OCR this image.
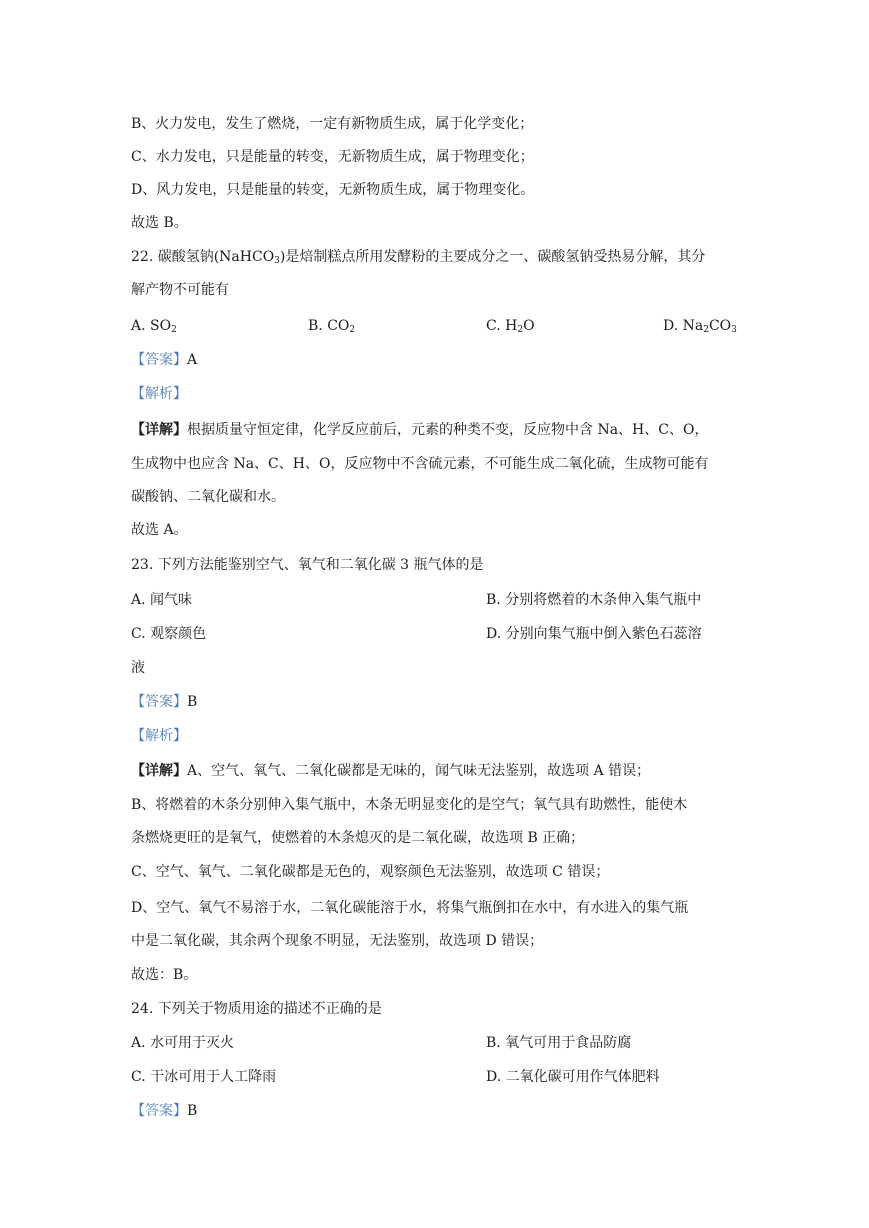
B、火力发电，发生了燃烧，一定有新物质生成，属于化学变化；
C、水力发电，只是能量的转变，无新物质生成，属于物理变化；
D、风力发电，只是能量的转变，无新物质生成，属于物理变化。
故选 B。
22. 碳酸氢钠(NaHCO$_3$)是焙制糕点所用发酵粉的主要成分之一、碳酸氢钠受热易分解，其分
解产物不可能有
A. $SO_2$	B. $CO_2$	C. $H_2O$	D. $Na_2CO_3$
【答案】A
【解析】
【详解】根据质量守恒定律，化学反应前后，元素的种类不变，反应物中含 Na、H、C、O，
生成物中也应含 Na、C、H、O，反应物中不含硫元素，不可能生成二氧化硫，生成物可能有
碳酸钠、二氧化碳和水。
故选 A。
23. 下列方法能鉴别空气、氧气和二氧化碳 3 瓶气体的是
A. 闻气味	B. 分别将燃着的木条伸入集气瓶中
C. 观察颜色	D. 分别向集气瓶中倒入紫色石蕊溶
液
【答案】B
【解析】
【详解】A、空气、氧气、二氧化碳都是无味的，闻气味无法鉴别，故选项 A 错误；
B、将燃着的木条分别伸入集气瓶中，木条无明显变化的是空气；氧气具有助燃性，能使木
条燃烧更旺的是氧气，使燃着的木条熄灭的是二氧化碳，故选项 B 正确；
C、空气、氧气、二氧化碳都是无色的，观察颜色无法鉴别，故选项 C 错误；
D、空气、氧气不易溶于水，二氧化碳能溶于水，将集气瓶倒扣在水中，有水进入的集气瓶
中是二氧化碳，其余两个现象不明显，无法鉴别，故选项 D 错误；
故选：B。
24. 下列关于物质用途的描述不正确的是
A. 水可用于灭火	B. 氧气可用于食品防腐
C. 干冰可用于人工降雨	D. 二氧化碳可用作气体肥料
【答案】B
